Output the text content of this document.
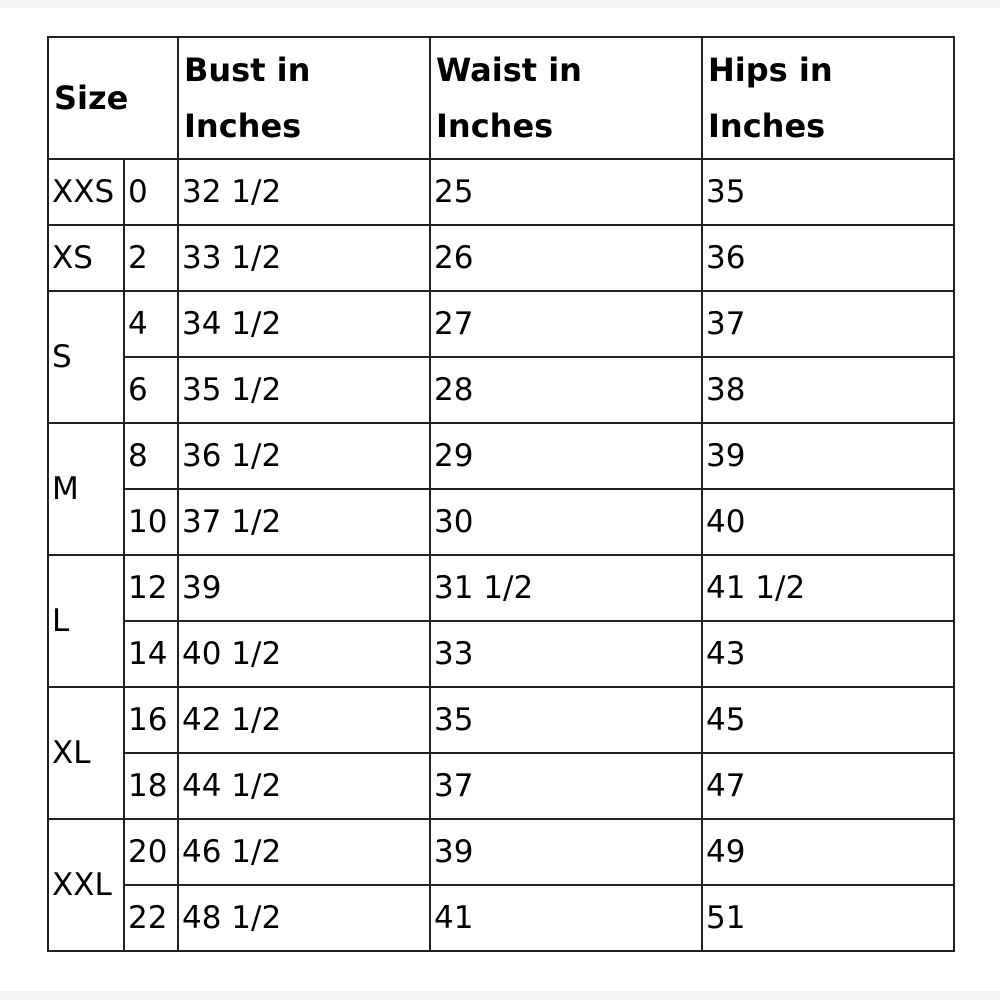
Size		Bust in Inches	Waist in Inches	Hips in Inches
XXS	0	32 1/2	25	35
XS	2	33 1/2	26	36
S	4	34 1/2	27	37
	6	35 1/2	28	38
M	8	36 1/2	29	39
	10	37 1/2	30	40
L	12	39	31 1/2	41 1/2
	14	40 1/2	33	43
XL	16	42 1/2	35	45
	18	44 1/2	37	47
XXL	20	46 1/2	39	49
	22	48 1/2	41	51
